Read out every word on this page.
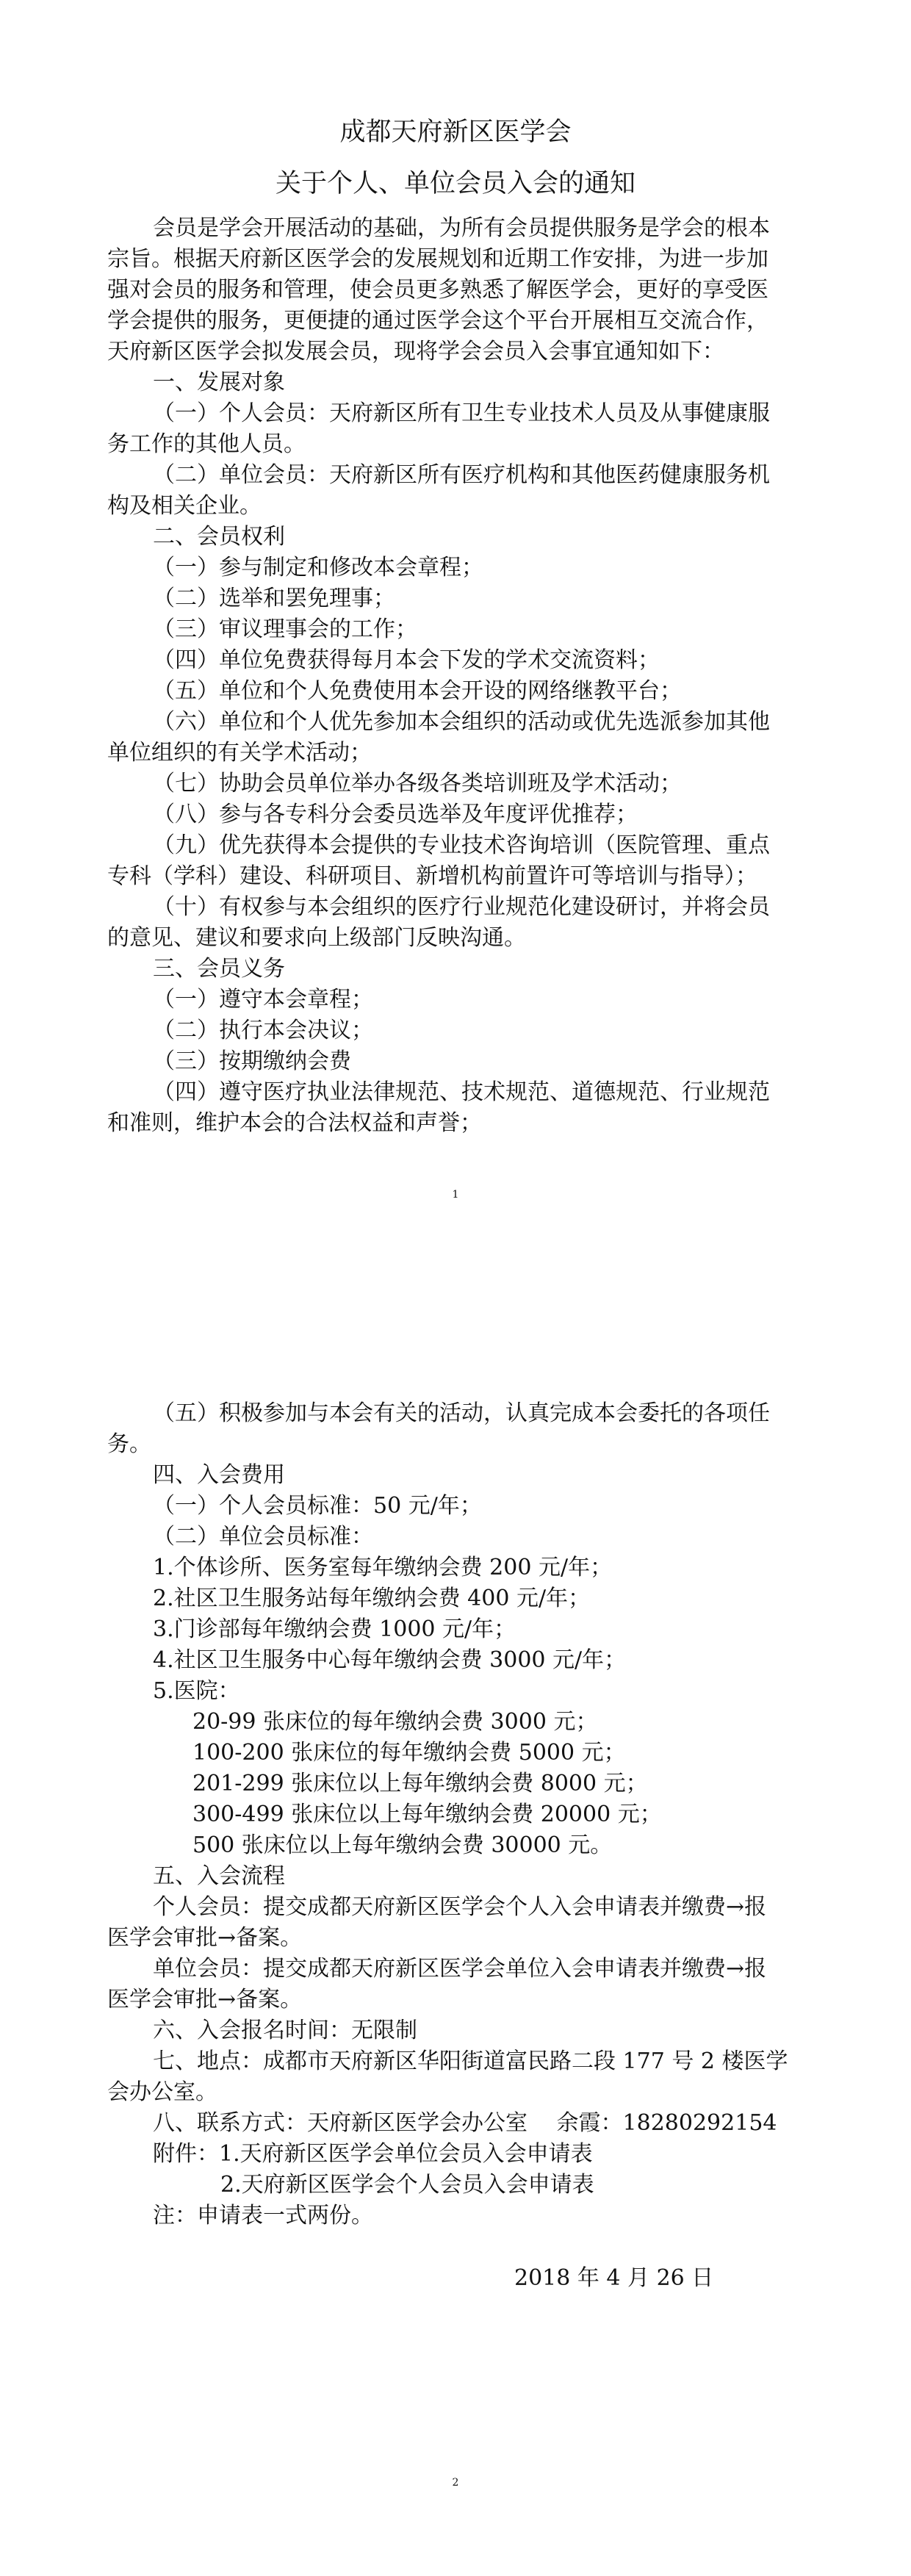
成都天府新区医学会
关于个人、单位会员入会的通知
会员是学会开展活动的基础，为所有会员提供服务是学会的根本
宗旨。根据天府新区医学会的发展规划和近期工作安排，为进一步加
强对会员的服务和管理，使会员更多熟悉了解医学会，更好的享受医
学会提供的服务，更便捷的通过医学会这个平台开展相互交流合作，
天府新区医学会拟发展会员，现将学会会员入会事宜通知如下：
一、发展对象
（一）个人会员：天府新区所有卫生专业技术人员及从事健康服
务工作的其他人员。
（二）单位会员：天府新区所有医疗机构和其他医药健康服务机
构及相关企业。
二、会员权利
（一）参与制定和修改本会章程；
（二）选举和罢免理事；
（三）审议理事会的工作；
（四）单位免费获得每月本会下发的学术交流资料；
（五）单位和个人免费使用本会开设的网络继教平台；
（六）单位和个人优先参加本会组织的活动或优先选派参加其他
单位组织的有关学术活动；
（七）协助会员单位举办各级各类培训班及学术活动；
（八）参与各专科分会委员选举及年度评优推荐；
（九）优先获得本会提供的专业技术咨询培训（医院管理、重点
专科（学科）建设、科研项目、新增机构前置许可等培训与指导）；
（十）有权参与本会组织的医疗行业规范化建设研讨，并将会员
的意见、建议和要求向上级部门反映沟通。
三、会员义务
（一）遵守本会章程；
（二）执行本会决议；
（三）按期缴纳会费
（四）遵守医疗执业法律规范、技术规范、道德规范、行业规范
和准则，维护本会的合法权益和声誉；
1
（五）积极参加与本会有关的活动，认真完成本会委托的各项任
务。
四、入会费用
（一）个人会员标准：50 元/年；
（二）单位会员标准：
1.个体诊所、医务室每年缴纳会费 200 元/年；
2.社区卫生服务站每年缴纳会费 400 元/年；
3.门诊部每年缴纳会费 1000 元/年；
4.社区卫生服务中心每年缴纳会费 3000 元/年；
5.医院：
20-99 张床位的每年缴纳会费 3000 元；
100-200 张床位的每年缴纳会费 5000 元；
201-299 张床位以上每年缴纳会费 8000 元；
300-499 张床位以上每年缴纳会费 20000 元；
500 张床位以上每年缴纳会费 30000 元。
五、入会流程
个人会员：提交成都天府新区医学会个人入会申请表并缴费→报
医学会审批→备案。
单位会员：提交成都天府新区医学会单位入会申请表并缴费→报
医学会审批→备案。
六、入会报名时间：无限制
七、地点：成都市天府新区华阳街道富民路二段 177 号 2 楼医学
会办公室。
八、联系方式：天府新区医学会办公室　 余霞：18280292154
附件：1.天府新区医学会单位会员入会申请表
2.天府新区医学会个人会员入会申请表
注：申请表一式两份。
2018 年 4 月 26 日
2
